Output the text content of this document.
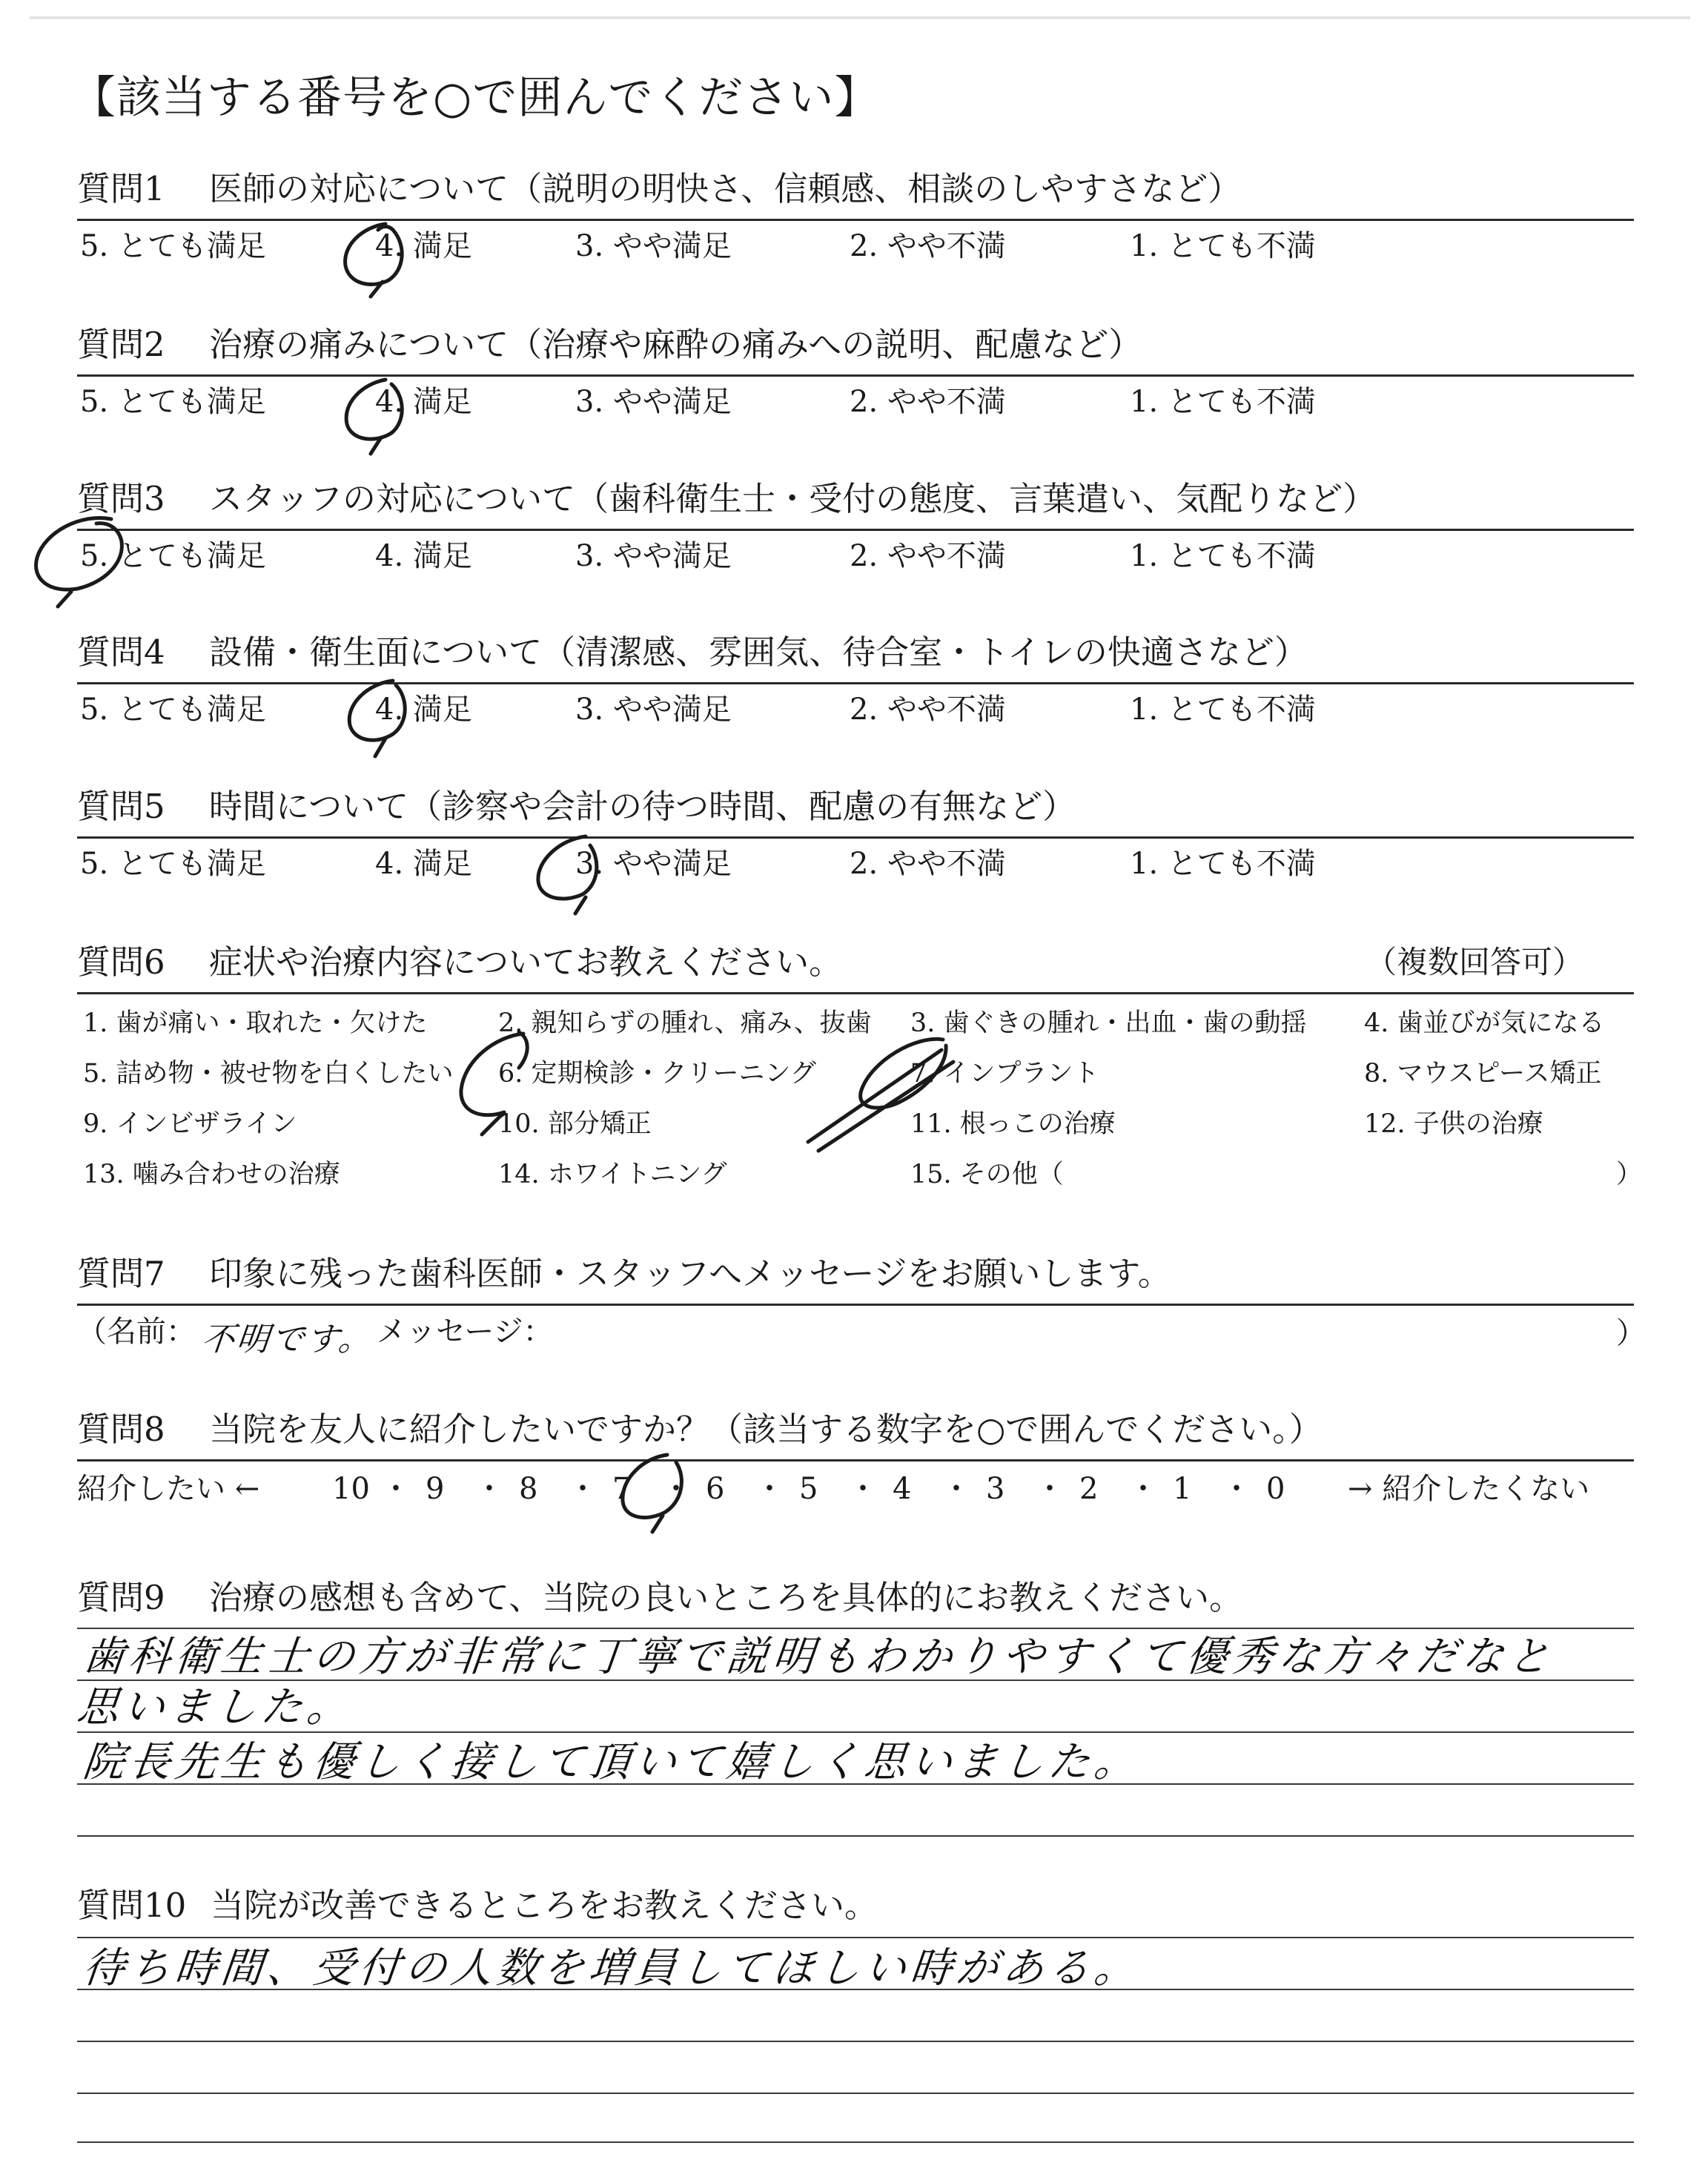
【該当する番号を○で囲んでください】
質問1 医師の対応について（説明の明快さ、信頼感、相談のしやすさなど）
5. とても満足	4. 満足	3. やや満足	2. やや不満	1. とても不満
質問2 治療の痛みについて（治療や麻酔の痛みへの説明、配慮など）
5. とても満足	4. 満足	3. やや満足	2. やや不満	1. とても不満
質問3 スタッフの対応について（歯科衛生士・受付の態度、言葉遣い、気配りなど）
5. とても満足	4. 満足	3. やや満足	2. やや不満	1. とても不満
質問4 設備・衛生面について（清潔感、雰囲気、待合室・トイレの快適さなど）
5. とても満足	4. 満足	3. やや満足	2. やや不満	1. とても不満
質問5 時間について（診察や会計の待つ時間、配慮の有無など）
5. とても満足	4. 満足	3. やや満足	2. やや不満	1. とても不満
質問6 症状や治療内容についてお教えください。	（複数回答可）
1. 歯が痛い・取れた・欠けた	2. 親知らずの腫れ、痛み、抜歯 3. 歯ぐきの腫れ・出血・歯の動揺 4. 歯並びが気になる
5. 詰め物・被せ物を白くしたい 6. 定期検診・クリーニング	7. インプラント	8. マウスピース矯正
9. インビザライン	10. 部分矯正	11. 根っこの治療	12. 子供の治療
13. 噛み合わせの治療	14. ホワイトニング	15. その他（	）
質問7 印象に残った歯科医師・スタッフへメッセージをお願いします。
（名前： 不明です。 メッセージ：	）
質問8 当院を友人に紹介したいですか？（該当する数字を○で囲んでください。）
紹介したい ←	→ 紹介したくない
10 ・ 9 ・ 8 ・ 7 ・ 6 ・ 5 ・ 4 ・ 3 ・ 2 ・ 1 ・ 0
質問9 治療の感想も含めて、当院の良いところを具体的にお教えください。
歯科衛生士の方が非常に丁寧で説明もわかりやすくて優秀な方々だなと
思いました。
院長先生も優しく接して頂いて嬉しく思いました。
質問10 当院が改善できるところをお教えください。
待ち時間、受付の人数を増員してほしい時がある。
